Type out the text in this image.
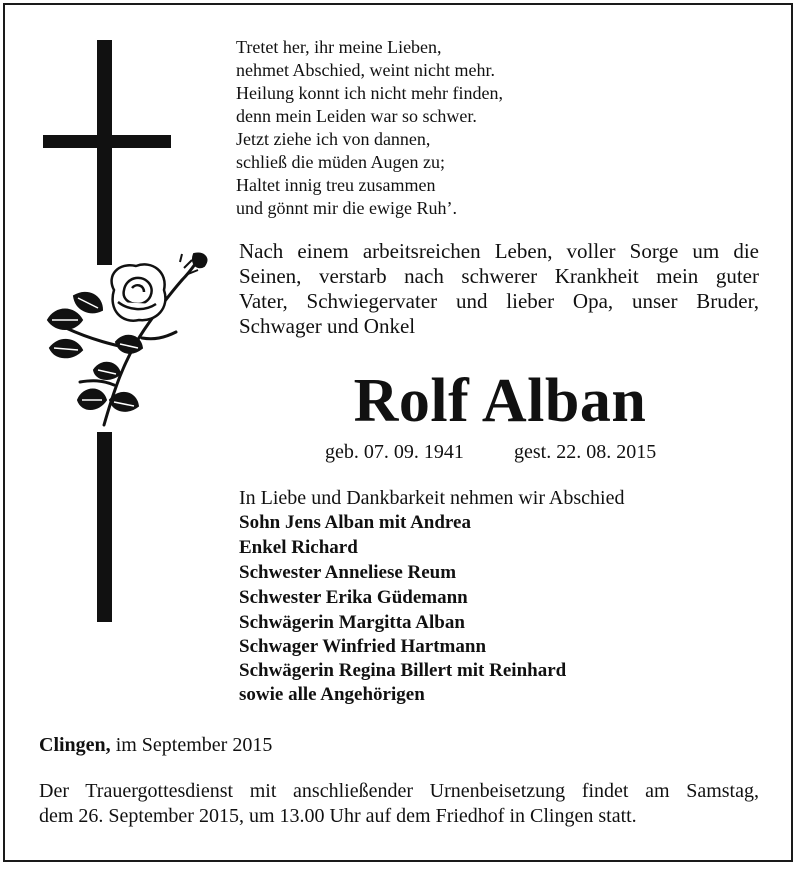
Tretet her, ihr meine Lieben,
nehmet Abschied, weint nicht mehr.
Heilung konnt ich nicht mehr finden,
denn mein Leiden war so schwer.
Jetzt ziehe ich von dannen,
schließ die müden Augen zu;
Haltet innig treu zusammen
und gönnt mir die ewige Ruh’.
Nach einem arbeitsreichen Leben, voller Sorge um die
Seinen, verstarb nach schwerer Krankheit mein guter
Vater, Schwiegervater und lieber Opa, unser Bruder,
Schwager und Onkel
Rolf Alban
geb. 07. 09. 1941	gest. 22. 08. 2015
In Liebe und Dankbarkeit nehmen wir Abschied
Sohn Jens Alban mit Andrea
Enkel Richard
Schwester Anneliese Reum
Schwester Erika Güdemann
Schwägerin Margitta Alban
Schwager Winfried Hartmann
Schwägerin Regina Billert mit Reinhard
sowie alle Angehörigen
Clingen, im September 2015
Der Trauergottesdienst mit anschließender Urnenbeisetzung findet am Samstag,
dem 26. September 2015, um 13.00 Uhr auf dem Friedhof in Clingen statt.
